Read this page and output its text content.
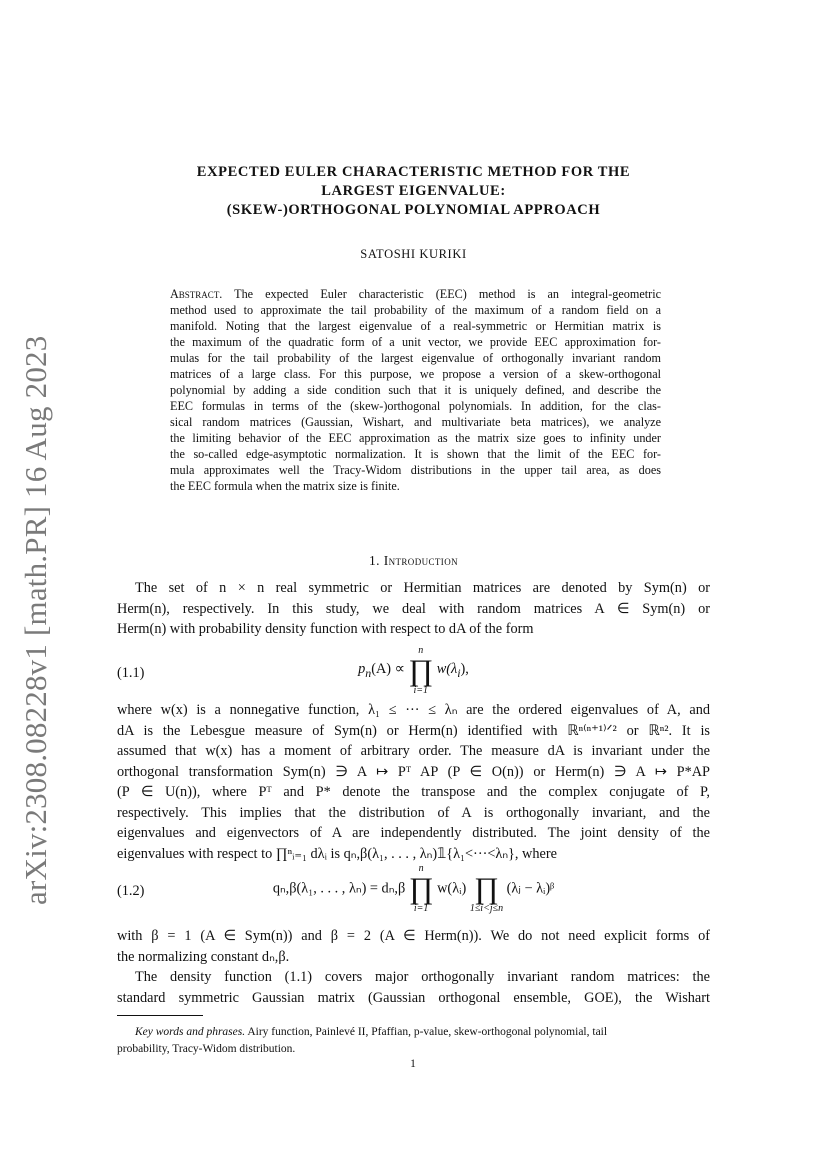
arXiv:2308.08228v1 [math.PR] 16 Aug 2023
EXPECTED EULER CHARACTERISTIC METHOD FOR THE
LARGEST EIGENVALUE:
(SKEW-)ORTHOGONAL POLYNOMIAL APPROACH
SATOSHI KURIKI
Abstract. The expected Euler characteristic (EEC) method is an integral-geometric
method used to approximate the tail probability of the maximum of a random field on a
manifold. Noting that the largest eigenvalue of a real-symmetric or Hermitian matrix is
the maximum of the quadratic form of a unit vector, we provide EEC approximation for-
mulas for the tail probability of the largest eigenvalue of orthogonally invariant random
matrices of a large class. For this purpose, we propose a version of a skew-orthogonal
polynomial by adding a side condition such that it is uniquely defined, and describe the
EEC formulas in terms of the (skew-)orthogonal polynomials. In addition, for the clas-
sical random matrices (Gaussian, Wishart, and multivariate beta matrices), we analyze
the limiting behavior of the EEC approximation as the matrix size goes to infinity under
the so-called edge-asymptotic normalization. It is shown that the limit of the EEC for-
mula approximates well the Tracy-Widom distributions in the upper tail area, as does
the EEC formula when the matrix size is finite.
1. Introduction
The set of n × n real symmetric or Hermitian matrices are denoted by Sym(n) or
Herm(n), respectively. In this study, we deal with random matrices A ∈ Sym(n) or
Herm(n) with probability density function with respect to dA of the form
(1.1)	$p_n(A)$ ∝
n
∏
i=1
$w(\lambda_i)$,
where w(x) is a nonnegative function, λ₁ ≤ ··· ≤ λₙ are the ordered eigenvalues of A, and
dA is the Lebesgue measure of Sym(n) or Herm(n) identified with ℝⁿ⁽ⁿ⁺¹⁾ᐟ² or ℝⁿ². It is
assumed that w(x) has a moment of arbitrary order. The measure dA is invariant under the
orthogonal transformation Sym(n) ∋ A ↦ Pᵀ AP (P ∈ O(n)) or Herm(n) ∋ A ↦ P*AP
(P ∈ U(n)), where Pᵀ and P* denote the transpose and the complex conjugate of P,
respectively. This implies that the distribution of A is orthogonally invariant, and the
eigenvalues and eigenvectors of A are independently distributed. The joint density of the
eigenvalues with respect to ∏ⁿᵢ₌₁ dλᵢ is qₙ,β(λ₁, . . . , λₙ)𝟙{λ₁<···<λₙ}, where
(1.2)	qₙ,β(λ₁, . . . , λₙ) = dₙ,β
n
∏
i=1
w(λᵢ)
∏
1≤i<j≤n
(λⱼ − λᵢ)ᵝ
with β = 1 (A ∈ Sym(n)) and β = 2 (A ∈ Herm(n)). We do not need explicit forms of
the normalizing constant dₙ,β.
The density function (1.1) covers major orthogonally invariant random matrices: the
standard symmetric Gaussian matrix (Gaussian orthogonal ensemble, GOE), the Wishart
Key words and phrases. Airy function, Painlevé II, Pfaffian, p-value, skew-orthogonal polynomial, tail
probability, Tracy-Widom distribution.
1
